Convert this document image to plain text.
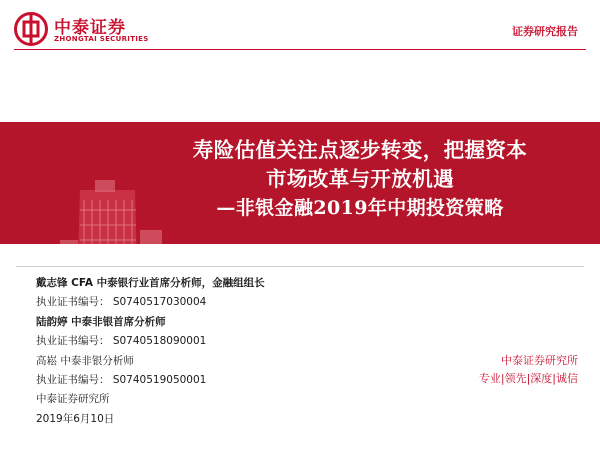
中泰证券
ZHONGTAI SECURITIES
证券研究报告
寿险估值关注点逐步转变，把握资本
市场改革与开放机遇
—非银金融2019年中期投资策略
戴志锋 CFA 中泰银行业首席分析师，金融组组长
执业证书编号： S0740517030004
陆韵婷 中泰非银首席分析师
执业证书编号： S0740518090001
高崧 中泰非银分析师
执业证书编号： S0740519050001
中泰证券研究所
2019年6月10日
中泰证券研究所
专业|领先|深度|诚信
